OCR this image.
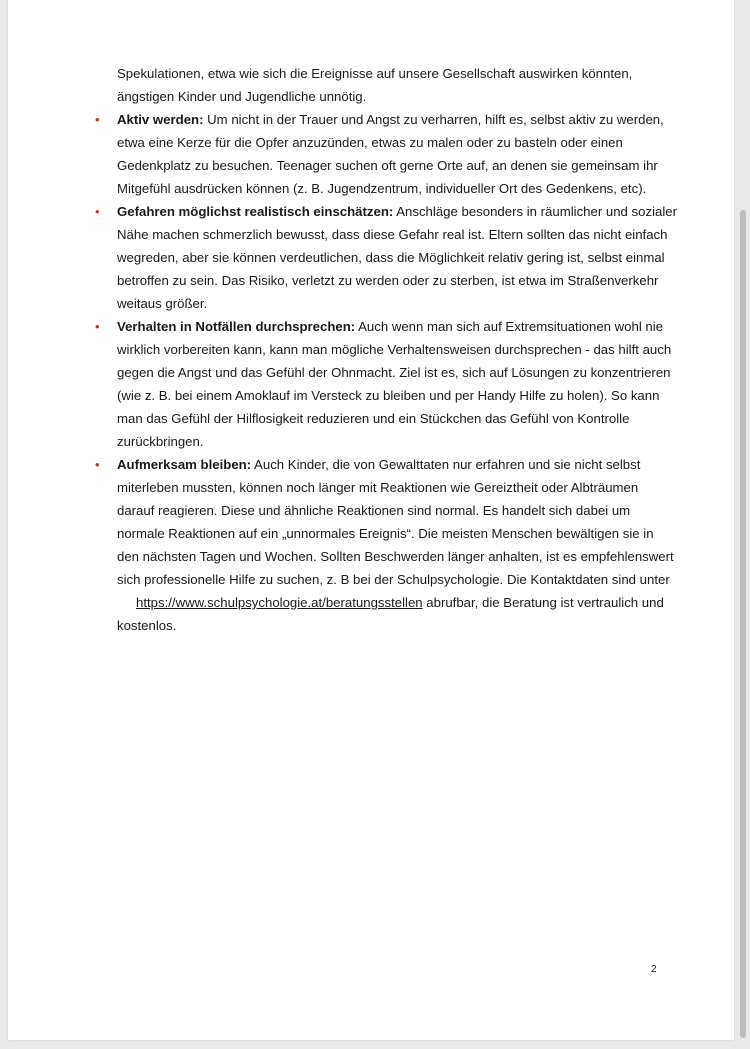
Spekulationen, etwa wie sich die Ereignisse auf unsere Gesellschaft auswirken könnten, ängstigen Kinder und Jugendliche unnötig.

•	Aktiv werden: Um nicht in der Trauer und Angst zu verharren, hilft es, selbst aktiv zu werden, etwa eine Kerze für die Opfer anzuzünden, etwas zu malen oder zu basteln oder einen Gedenkplatz zu besuchen. Teenager suchen oft gerne Orte auf, an denen sie gemeinsam ihr Mitgefühl ausdrücken können (z. B. Jugendzentrum, individueller Ort des Gedenkens, etc).
•	Gefahren möglichst realistisch einschätzen: Anschläge besonders in räumlicher und sozialer Nähe machen schmerzlich bewusst, dass diese Gefahr real ist. Eltern sollten das nicht einfach wegreden, aber sie können verdeutlichen, dass die Möglichkeit relativ gering ist, selbst einmal betroffen zu sein. Das Risiko, verletzt zu werden oder zu sterben, ist etwa im Straßenverkehr weitaus größer.
•	Verhalten in Notfällen durchsprechen: Auch wenn man sich auf Extremsituationen wohl nie wirklich vorbereiten kann, kann man mögliche Verhaltensweisen durchsprechen - das hilft auch gegen die Angst und das Gefühl der Ohnmacht. Ziel ist es, sich auf Lösungen zu konzentrieren (wie z. B. bei einem Amoklauf im Versteck zu bleiben und per Handy Hilfe zu holen). So kann man das Gefühl der Hilflosigkeit reduzieren und ein Stückchen das Gefühl von Kontrolle zurückbringen.
•	Aufmerksam bleiben: Auch Kinder, die von Gewalttaten nur erfahren und sie nicht selbst miterleben mussten, können noch länger mit Reaktionen wie Gereiztheit oder Albträumen darauf reagieren. Diese und ähnliche Reaktionen sind normal. Es handelt sich dabei um normale Reaktionen auf ein „unnormales Ereignis“. Die meisten Menschen bewältigen sie in den nächsten Tagen und Wochen. Sollten Beschwerden länger anhalten, ist es empfehlenswert sich professionelle Hilfe zu suchen, z. B bei der Schulpsychologie. Die Kontaktdaten sind unter
https://www.schulpsychologie.at/beratungsstellen abrufbar, die Beratung ist vertraulich und kostenlos.
2
